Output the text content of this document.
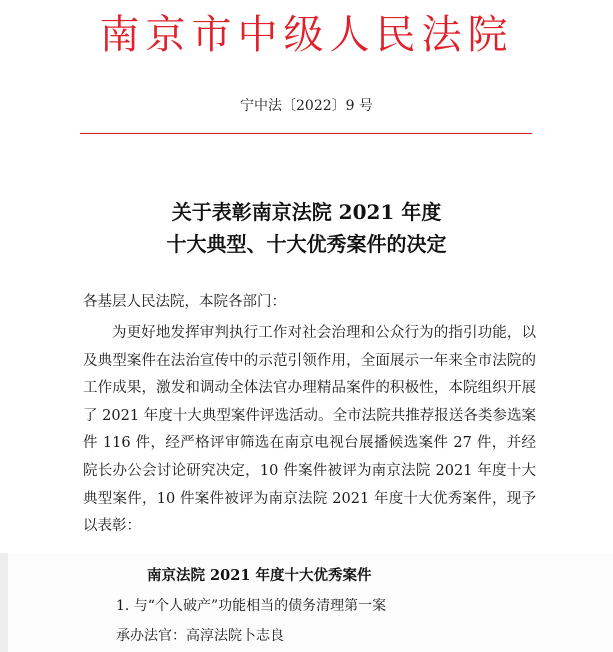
南京市中级人民法院
宁中法〔2022〕9 号
关于表彰南京法院 2021 年度
十大典型、十大优秀案件的决定
各基层人民法院，本院各部门：
为更好地发挥审判执行工作对社会治理和公众行为的指引功能，以及典型案件在法治宣传中的示范引领作用，全面展示一年来全市法院的工作成果，激发和调动全体法官办理精品案件的积极性，本院组织开展了 2021 年度十大典型案件评选活动。全市法院共推荐报送各类参选案件 116 件，经严格评审筛选在南京电视台展播候选案件 27 件，并经院长办公会讨论研究决定，10 件案件被评为南京法院 2021 年度十大典型案件，10 件案件被评为南京法院 2021 年度十大优秀案件，现予以表彰：
南京法院 2021 年度十大优秀案件
1. 与“个人破产”功能相当的债务清理第一案
承办法官：高淳法院卜志良
